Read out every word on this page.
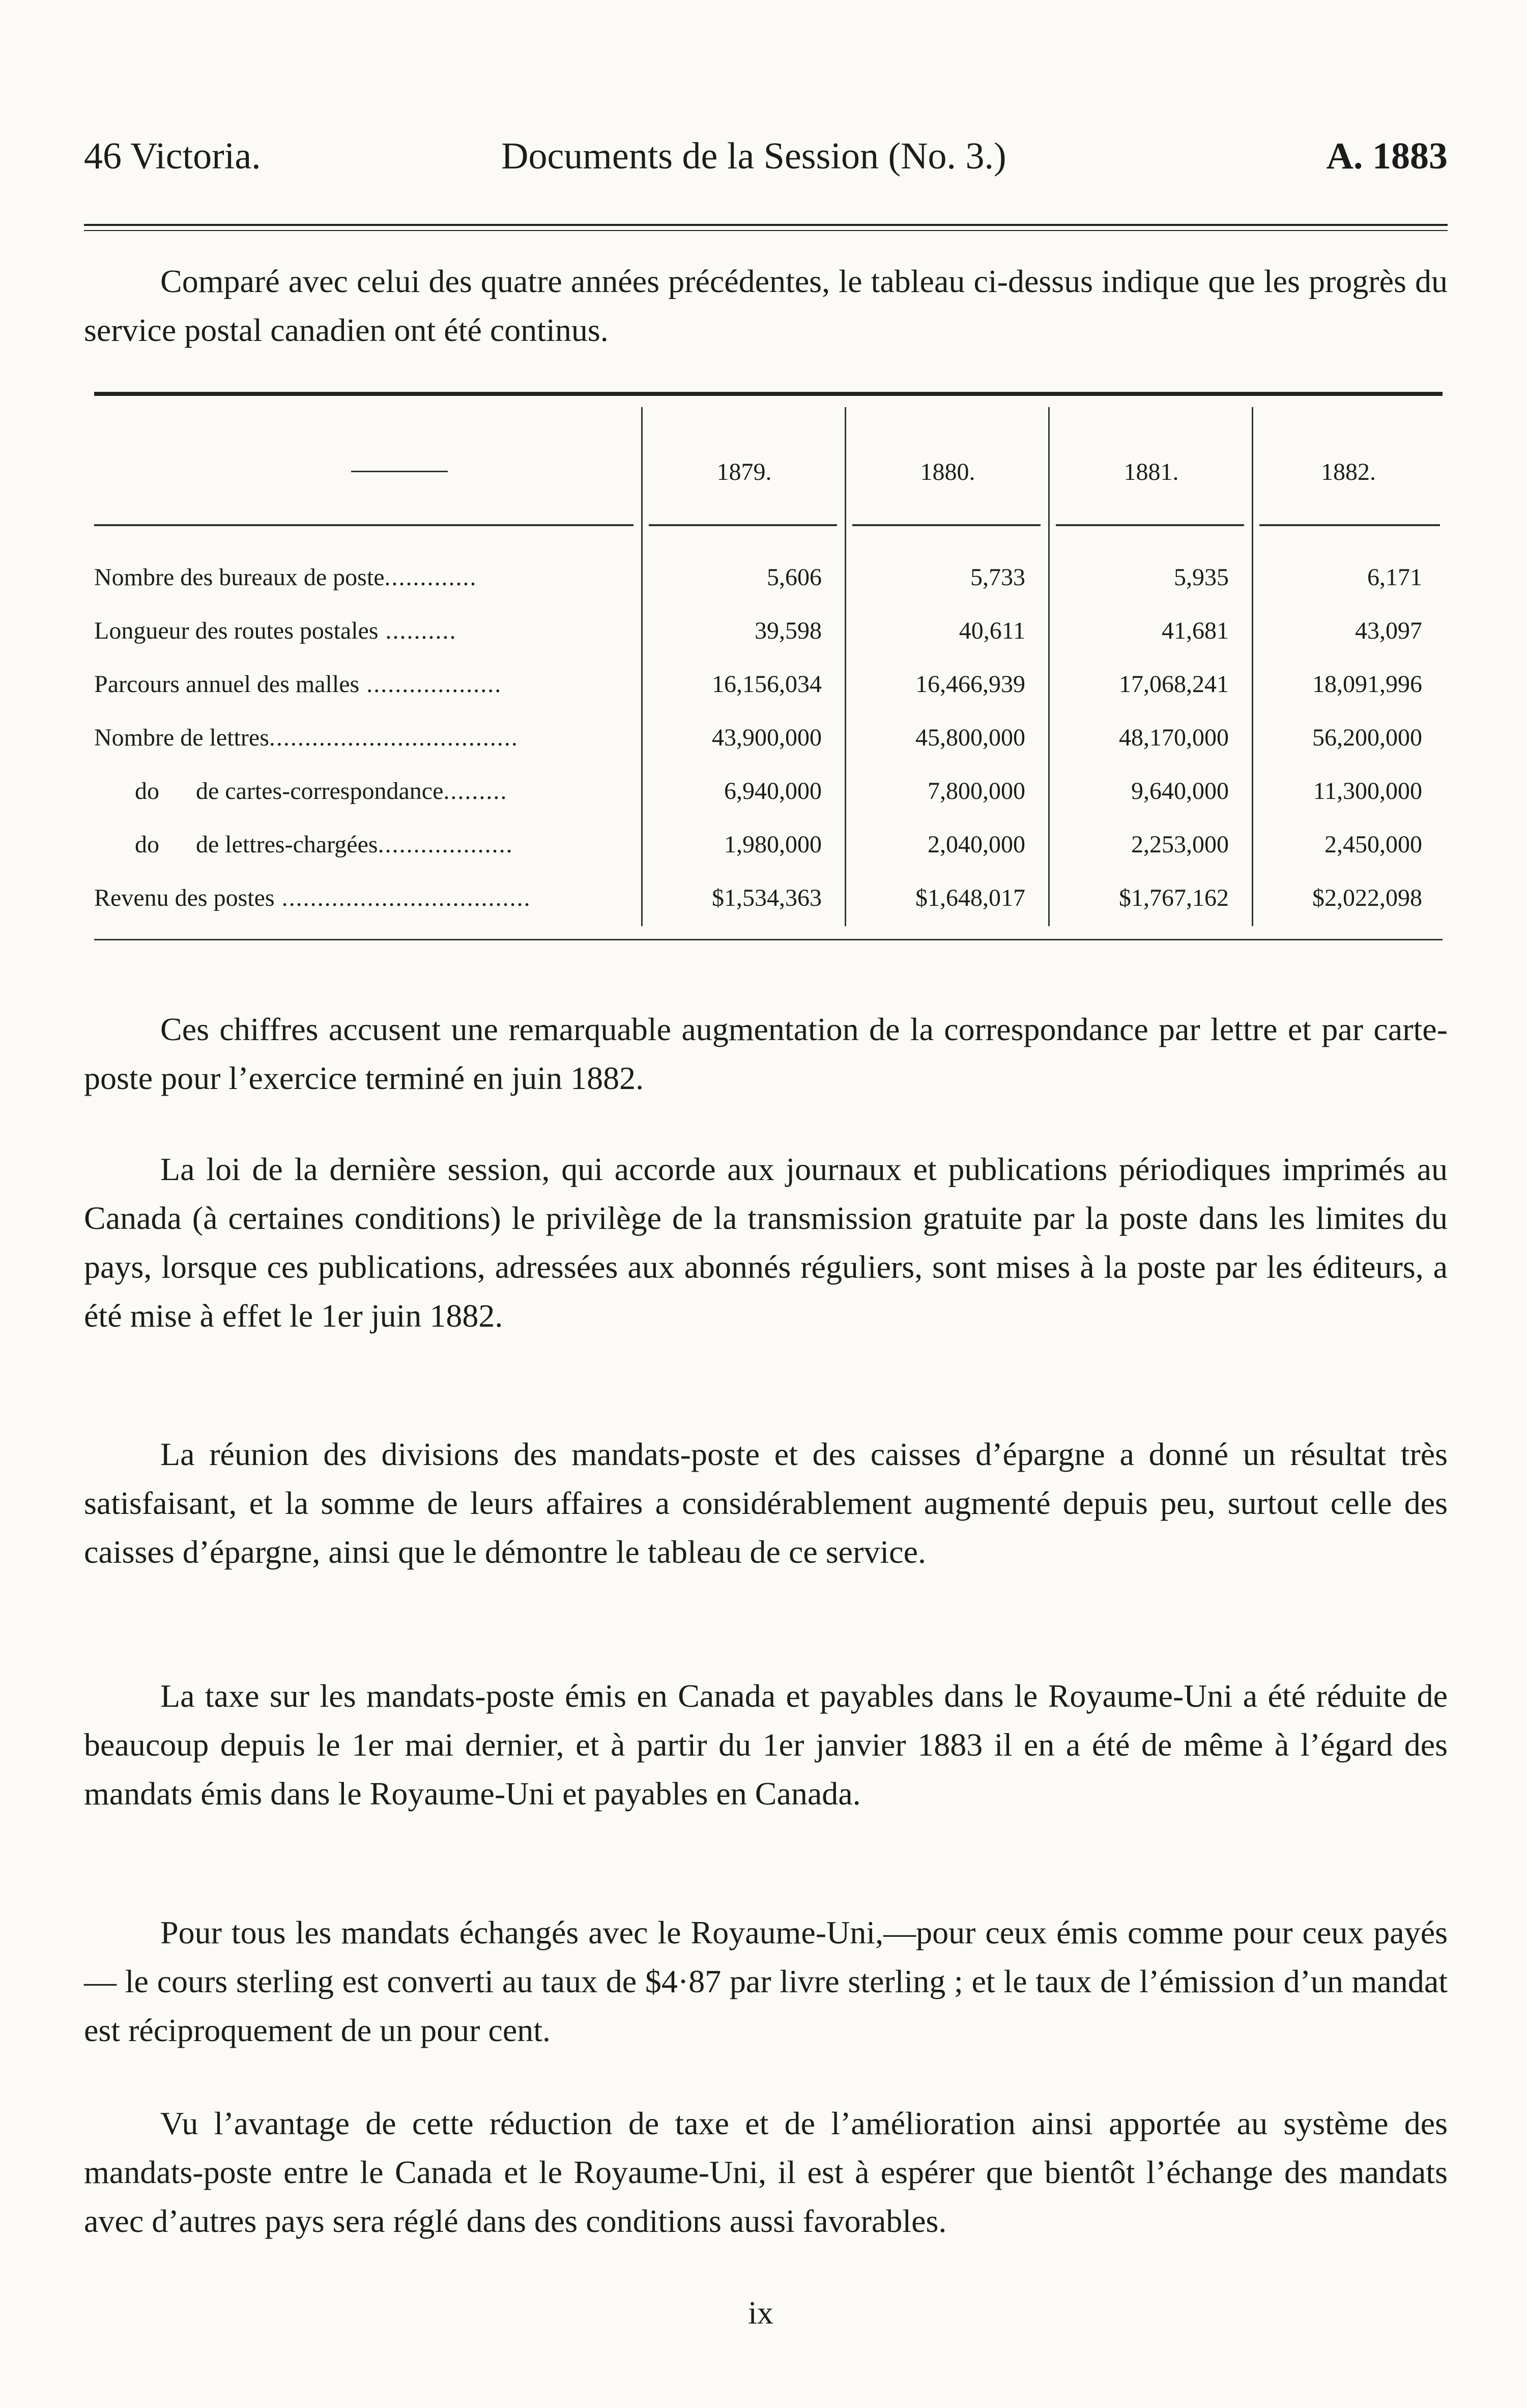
46 Victoria.	Documents de la Session (No. 3.)	A. 1883

Comparé avec celui des quatre années précédentes, le tableau ci-dessus indique que les progrès du service postal canadien ont été continus.

1879.	1880.	1881.	1882.
Nombre des bureaux de poste.............	5,606	5,733	5,935	6,171
Longueur des routes postales ..........	39,598	40,611	41,681	43,097
Parcours annuel des malles ...................	16,156,034	16,466,939	17,068,241	18,091,996
Nombre de lettres...................................	43,900,000	45,800,000	48,170,000	56,200,000
do      de cartes-correspondance.........	6,940,000	7,800,000	9,640,000	11,300,000
do      de lettres-chargées...................	1,980,000	2,040,000	2,253,000	2,450,000
Revenu des postes ...................................	$1,534,363	$1,648,017	$1,767,162	$2,022,098

Ces chiffres accusent une remarquable augmentation de la correspondance par lettre et par carte-poste pour l’exercice terminé en juin 1882.

La loi de la dernière session, qui accorde aux journaux et publications périodiques imprimés au Canada (à certaines conditions) le privilège de la transmission gratuite par la poste dans les limites du pays, lorsque ces publications, adressées aux abonnés réguliers, sont mises à la poste par les éditeurs, a été mise à effet le 1er juin 1882.

La réunion des divisions des mandats-poste et des caisses d’épargne a donné un résultat très satisfaisant, et la somme de leurs affaires a considérablement augmenté depuis peu, surtout celle des caisses d’épargne, ainsi que le démontre le tableau de ce service.

La taxe sur les mandats-poste émis en Canada et payables dans le Royaume-Uni a été réduite de beaucoup depuis le 1er mai dernier, et à partir du 1er janvier 1883 il en a été de même à l’égard des mandats émis dans le Royaume-Uni et payables en Canada.

Pour tous les mandats échangés avec le Royaume-Uni,—pour ceux émis comme pour ceux payés— le cours sterling est converti au taux de $4·87 par livre sterling ; et le taux de l’émission d’un mandat est réciproquement de un pour cent.

Vu l’avantage de cette réduction de taxe et de l’amélioration ainsi apportée au système des mandats-poste entre le Canada et le Royaume-Uni, il est à espérer que bientôt l’échange des mandats avec d’autres pays sera réglé dans des conditions aussi favorables.

ix
